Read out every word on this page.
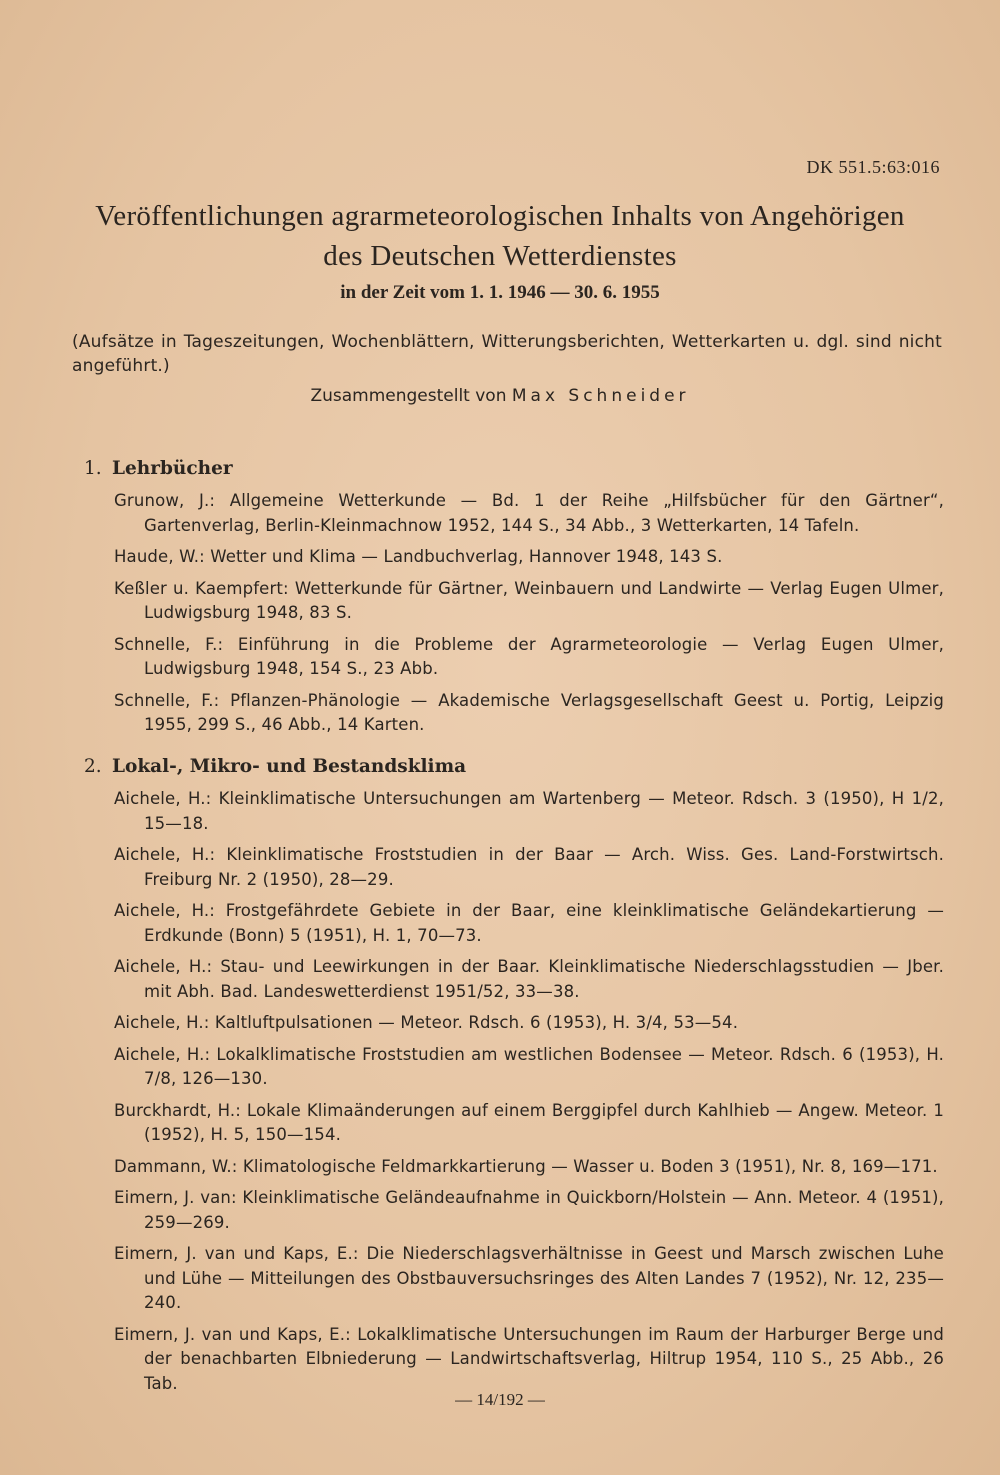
DK 551.5:63:016
Veröffentlichungen agrarmeteorologischen Inhalts von Angehörigen
des Deutschen Wetterdienstes
in der Zeit vom 1. 1. 1946 — 30. 6. 1955
(Aufsätze in Tageszeitungen, Wochenblättern, Witterungsberichten, Wetterkarten u. dgl. sind nicht angeführt.)
Zusammengestellt von Max Schneider
1. Lehrbücher
Grunow, J.: Allgemeine Wetterkunde — Bd. 1 der Reihe „Hilfsbücher für den Gärtner“, Gartenverlag, Berlin-Kleinmachnow 1952, 144 S., 34 Abb., 3 Wetterkarten, 14 Tafeln.
Haude, W.: Wetter und Klima — Landbuchverlag, Hannover 1948, 143 S.
Keßler u. Kaempfert: Wetterkunde für Gärtner, Weinbauern und Landwirte — Verlag Eugen Ulmer, Ludwigsburg 1948, 83 S.
Schnelle, F.: Einführung in die Probleme der Agrarmeteorologie — Verlag Eugen Ulmer, Ludwigsburg 1948, 154 S., 23 Abb.
Schnelle, F.: Pflanzen-Phänologie — Akademische Verlagsgesellschaft Geest u. Portig, Leipzig 1955, 299 S., 46 Abb., 14 Karten.
2. Lokal-, Mikro- und Bestandsklima
Aichele, H.: Kleinklimatische Untersuchungen am Wartenberg — Meteor. Rdsch. 3 (1950), H 1/2, 15—18.
Aichele, H.: Kleinklimatische Froststudien in der Baar — Arch. Wiss. Ges. Land-Forstwirtsch. Freiburg Nr. 2 (1950), 28—29.
Aichele, H.: Frostgefährdete Gebiete in der Baar, eine kleinklimatische Geländekartierung — Erdkunde (Bonn) 5 (1951), H. 1, 70—73.
Aichele, H.: Stau- und Leewirkungen in der Baar. Kleinklimatische Niederschlagsstudien — Jber. mit Abh. Bad. Landeswetterdienst 1951/52, 33—38.
Aichele, H.: Kaltluftpulsationen — Meteor. Rdsch. 6 (1953), H. 3/4, 53—54.
Aichele, H.: Lokalklimatische Froststudien am westlichen Bodensee — Meteor. Rdsch. 6 (1953), H. 7/8, 126—130.
Burckhardt, H.: Lokale Klimaänderungen auf einem Berggipfel durch Kahlhieb — Angew. Meteor. 1 (1952), H. 5, 150—154.
Dammann, W.: Klimatologische Feldmarkkartierung — Wasser u. Boden 3 (1951), Nr. 8, 169—171.
Eimern, J. van: Kleinklimatische Geländeaufnahme in Quickborn/Holstein — Ann. Meteor. 4 (1951), 259—269.
Eimern, J. van und Kaps, E.: Die Niederschlagsverhältnisse in Geest und Marsch zwischen Luhe und Lühe — Mitteilungen des Obstbauversuchsringes des Alten Landes 7 (1952), Nr. 12, 235—240.
Eimern, J. van und Kaps, E.: Lokalklimatische Untersuchungen im Raum der Harburger Berge und der benachbarten Elbniederung — Landwirtschaftsverlag, Hiltrup 1954, 110 S., 25 Abb., 26 Tab.
— 14/192 —
